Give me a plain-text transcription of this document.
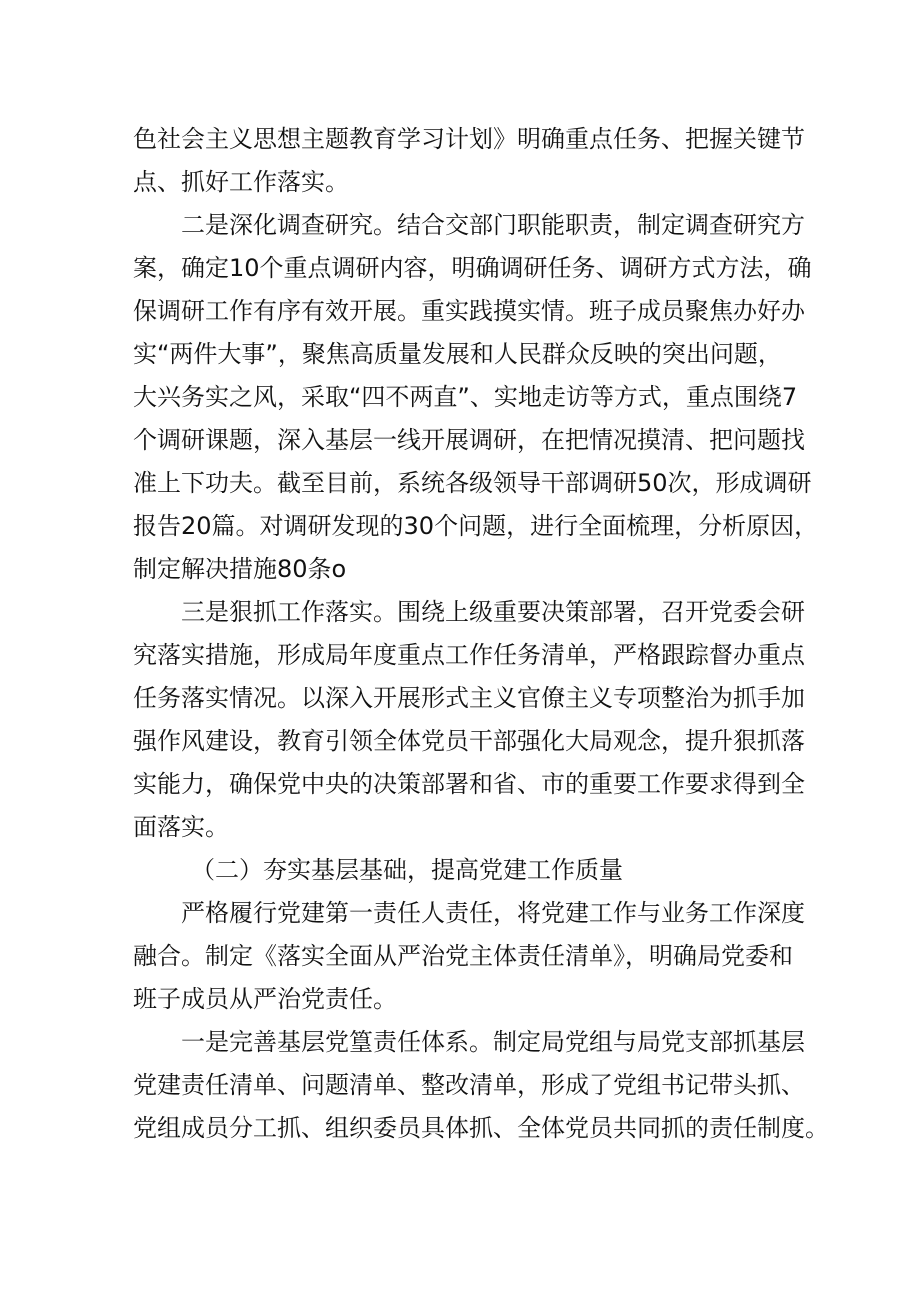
色社会主义思想主题教育学习计划》明确重点任务、把握关键节
点、抓好工作落实。
二是深化调查研究。结合交部门职能职责，制定调查研究方
案，确定10个重点调研内容，明确调研任务、调研方式方法，确
保调研工作有序有效开展。重实践摸实情。班子成员聚焦办好办
实“两件大事”，聚焦高质量发展和人民群众反映的突出问题，
大兴务实之风，采取“四不两直”、实地走访等方式，重点围绕7
个调研课题，深入基层一线开展调研，在把情况摸清、把问题找
准上下功夫。截至目前，系统各级领导干部调研50次，形成调研
报告20篇。对调研发现的30个问题，进行全面梳理，分析原因，
制定解决措施80条o
三是狠抓工作落实。围绕上级重要决策部署，召开党委会研
究落实措施，形成局年度重点工作任务清单，严格跟踪督办重点
任务落实情况。以深入开展形式主义官僚主义专项整治为抓手加
强作风建设，教育引领全体党员干部强化大局观念，提升狠抓落
实能力，确保党中央的决策部署和省、市的重要工作要求得到全
面落实。
（二）夯实基层基础，提高党建工作质量
严格履行党建第一责任人责任，将党建工作与业务工作深度
融合。制定《落实全面从严治党主体责任清单》，明确局党委和
班子成员从严治党责任。
一是完善基层党篁责任体系。制定局党组与局党支部抓基层
党建责任清单、问题清单、整改清单，形成了党组书记带头抓、
党组成员分工抓、组织委员具体抓、全体党员共同抓的责任制度。
